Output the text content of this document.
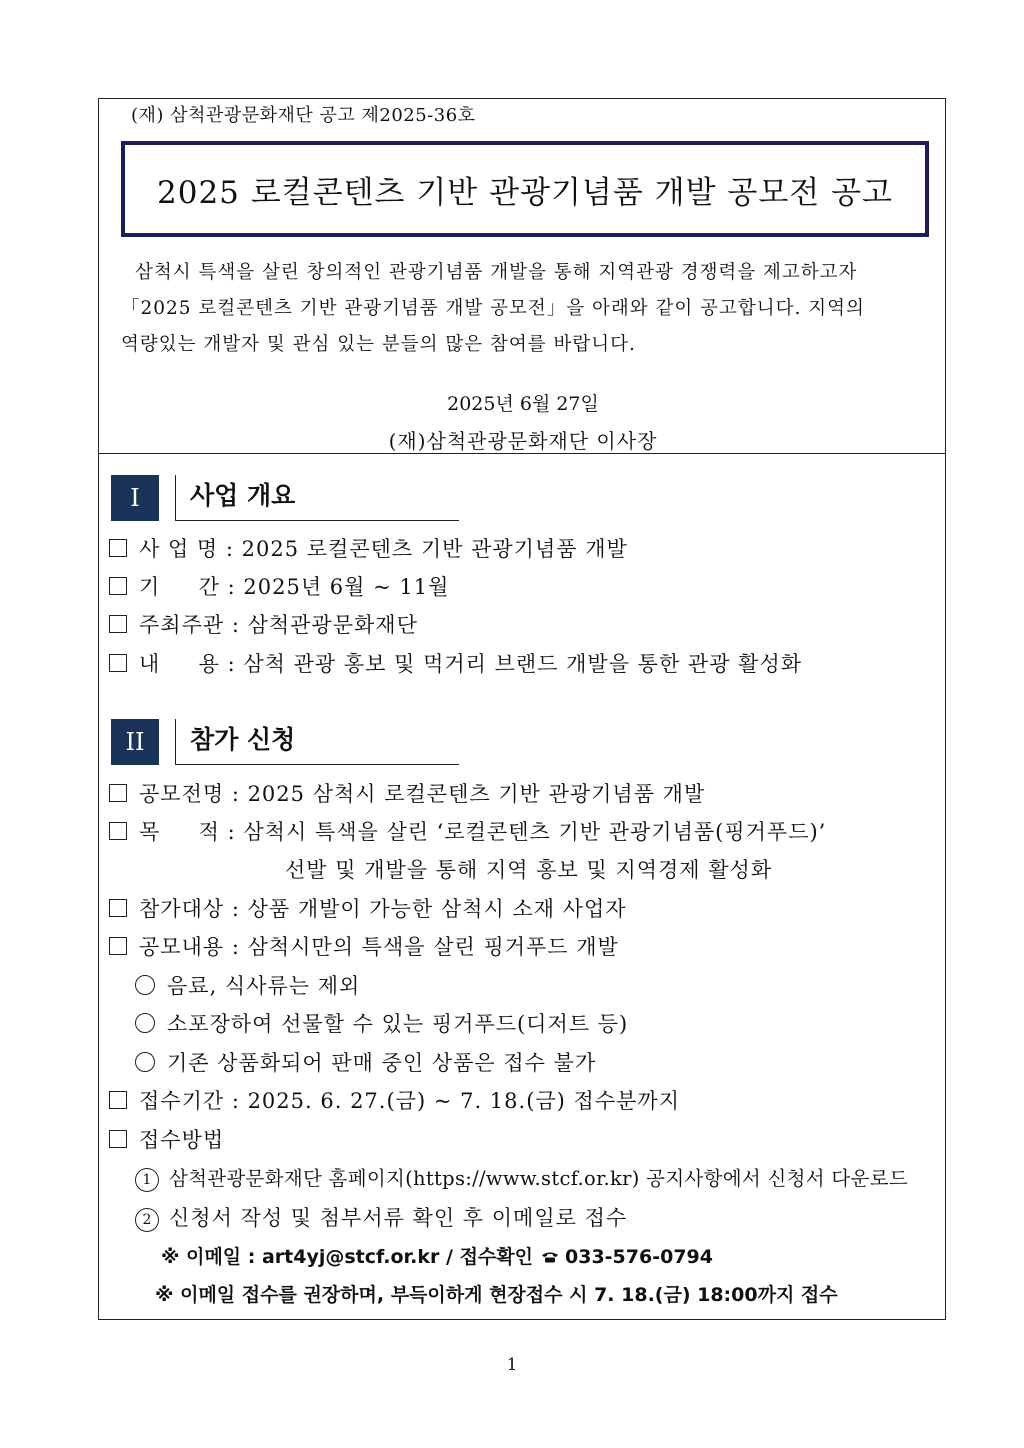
(재) 삼척관광문화재단 공고 제2025-36호
2025 로컬콘텐츠 기반 관광기념품 개발 공모전 공고

삼척시 특색을 살린 창의적인 관광기념품 개발을 통해 지역관광 경쟁력을 제고하고자

「2025 로컬콘텐츠 기반 관광기념품 개발 공모전」을 아래와 같이 공고합니다. 지역의

역량있는 개발자 및 관심 있는 분들의 많은 참여를 바랍니다.

2025년 6월 27일
(재)삼척관광문화재단 이사장
I	사업 개요
사 업 명 : 2025 로컬콘텐츠 기반 관광기념품 개발
기     간 : 2025년 6월 ~ 11월
주최주관 : 삼척관광문화재단
내     용 : 삼척 관광 홍보 및 먹거리 브랜드 개발을 통한 관광 활성화
II	참가 신청
공모전명 : 2025 삼척시 로컬콘텐츠 기반 관광기념품 개발
목     적 : 삼척시 특색을 살린 ‘로컬콘텐츠 기반 관광기념품(핑거푸드)’
선발 및 개발을 통해 지역 홍보 및 지역경제 활성화
참가대상 : 상품 개발이 가능한 삼척시 소재 사업자
공모내용 : 삼척시만의 특색을 살린 핑거푸드 개발
음료, 식사류는 제외
소포장하여 선물할 수 있는 핑거푸드(디저트 등)
기존 상품화되어 판매 중인 상품은 접수 불가
접수기간 : 2025. 6. 27.(금) ~ 7. 18.(금) 접수분까지
접수방법
1 삼척관광문화재단 홈페이지(https://www.stcf.or.kr) 공지사항에서 신청서 다운로드
2 신청서 작성 및 첨부서류 확인 후 이메일로 접수
※ 이메일 : art4yj@stcf.or.kr / 접수확인 033-576-0794
※ 이메일 접수를 권장하며, 부득이하게 현장접수 시 7. 18.(금) 18:00까지 접수
1
